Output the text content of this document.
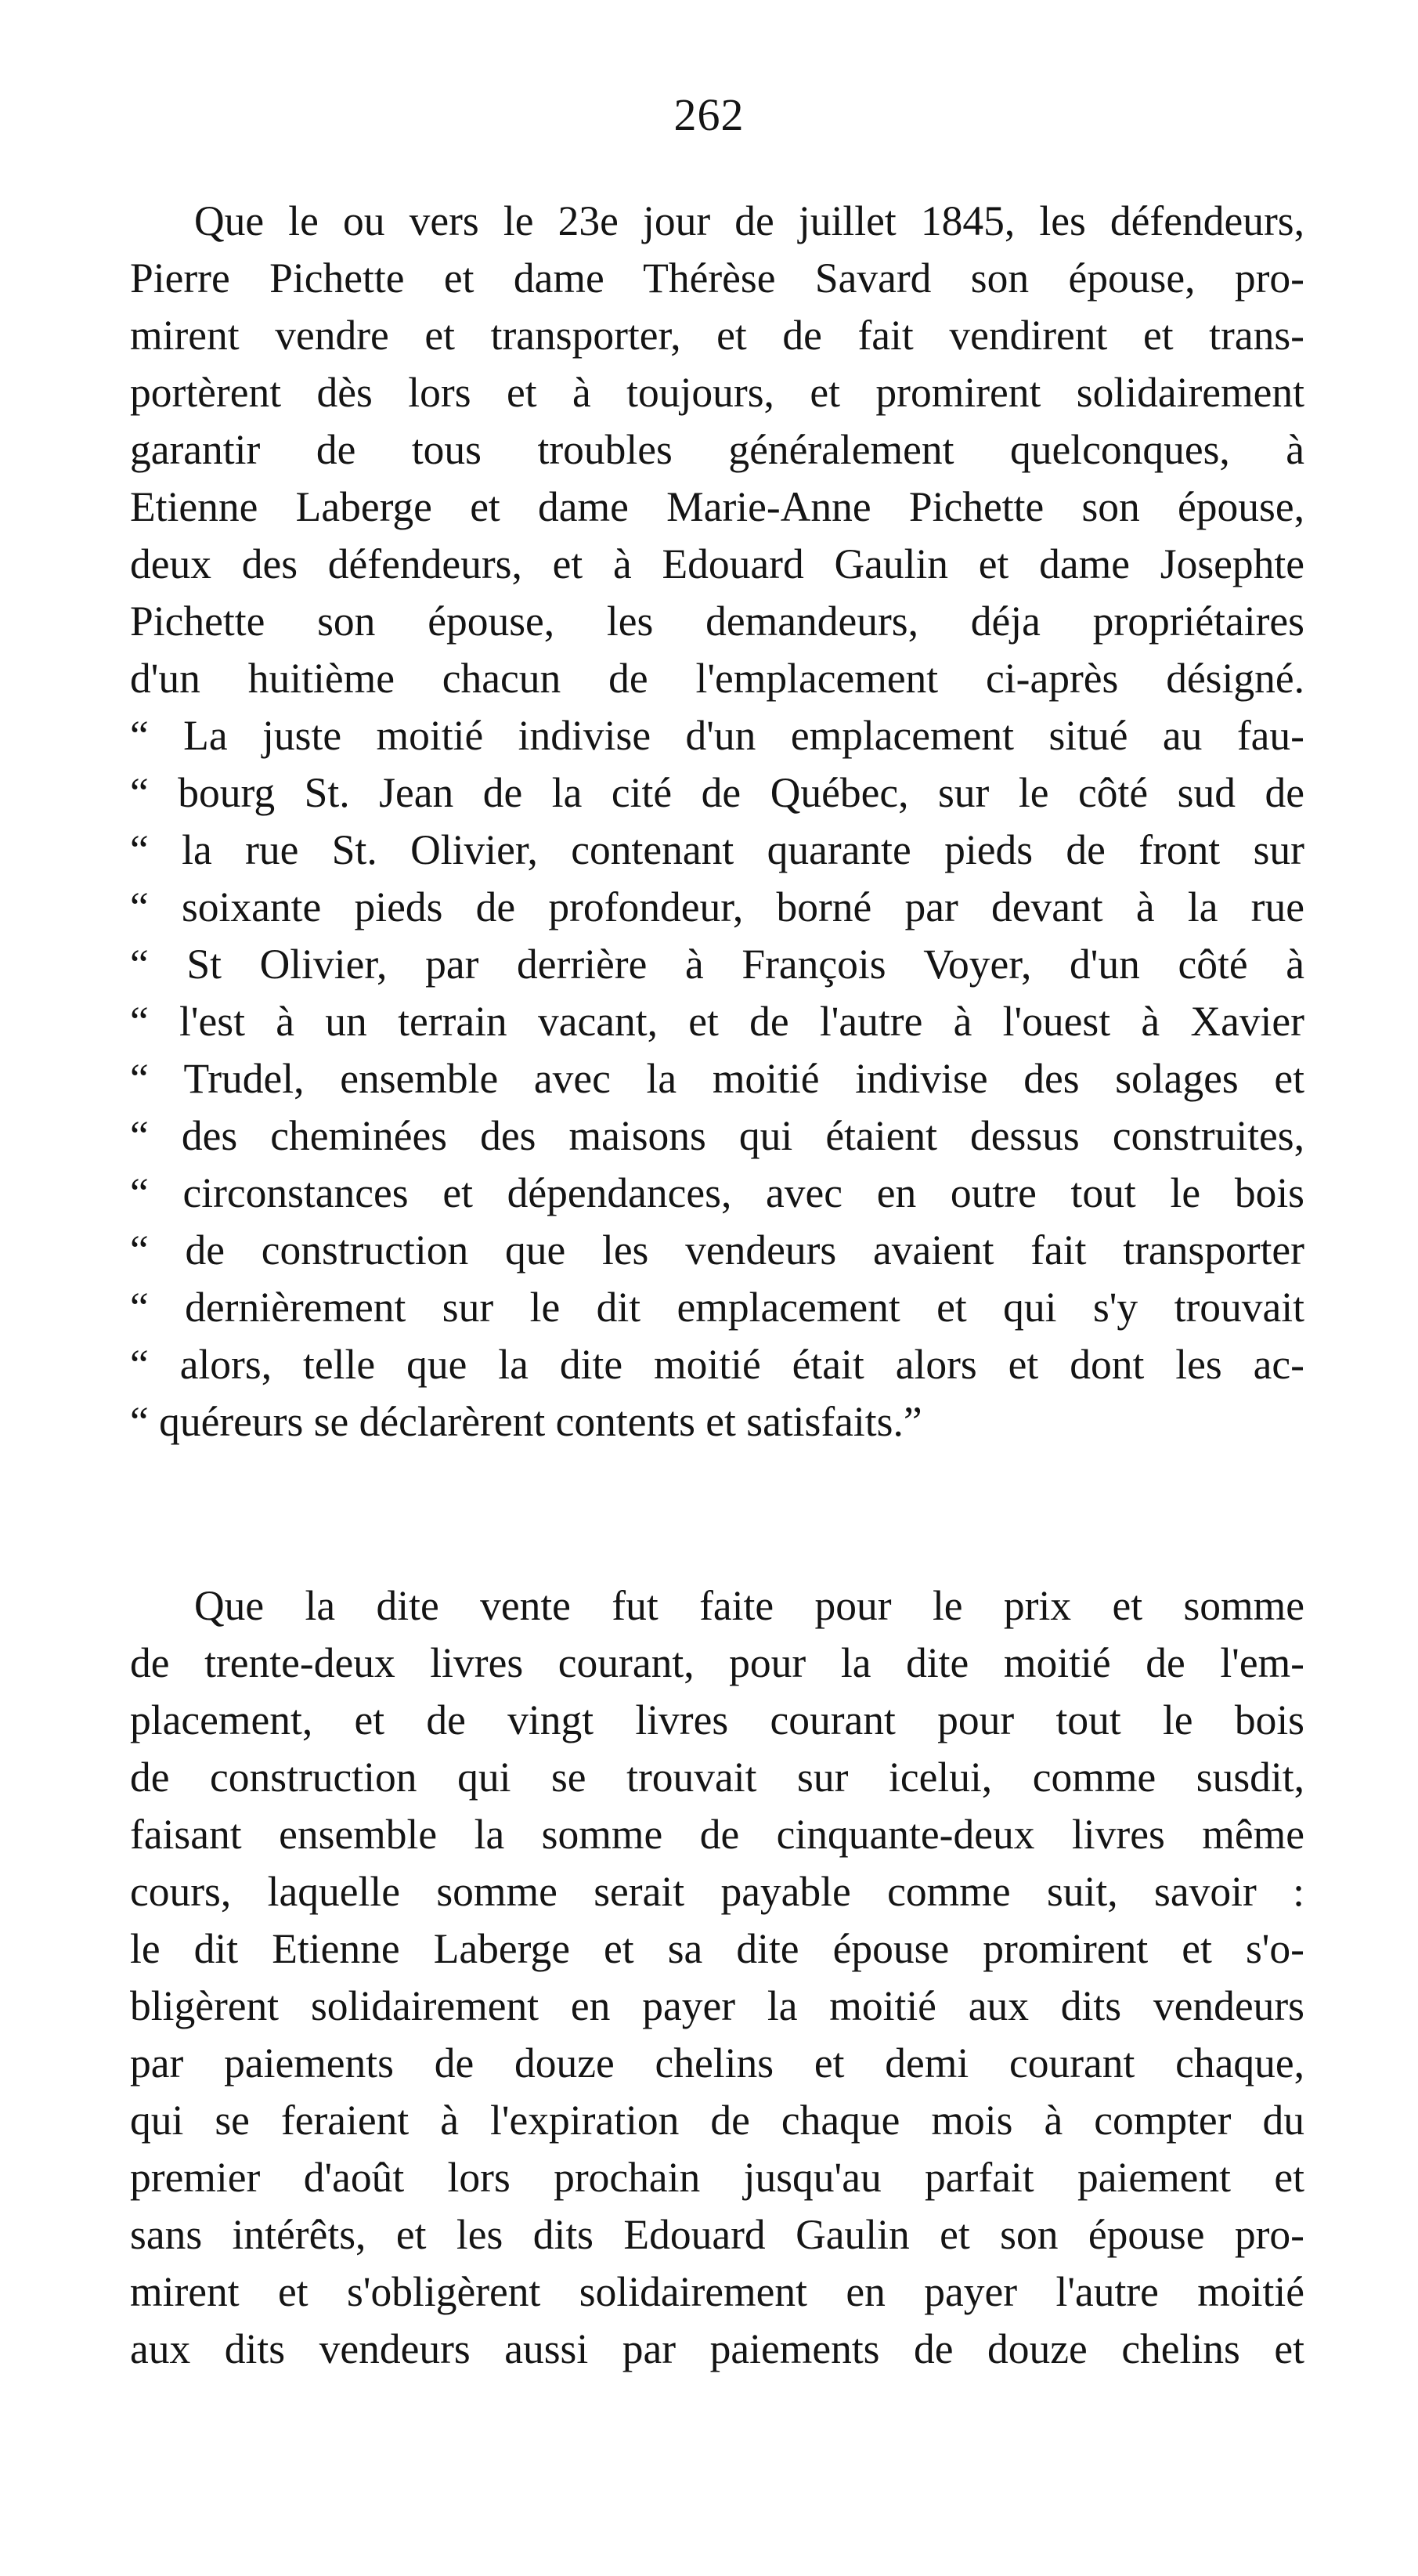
262
Que le ou vers le 23e jour de juillet 1845, les défendeurs,
Pierre Pichette et dame Thérèse Savard son épouse, pro-
mirent vendre et transporter, et de fait vendirent et trans-
portèrent dès lors et à toujours, et promirent solidairement
garantir de tous troubles généralement quelconques, à
Etienne Laberge et dame Marie-Anne Pichette son épouse,
deux des défendeurs, et à Edouard Gaulin et dame Josephte
Pichette son épouse, les demandeurs, déja propriétaires
d'un huitième chacun de l'emplacement ci-après désigné.
“ La juste moitié indivise d'un emplacement situé au fau-
“ bourg St. Jean de la cité de Québec, sur le côté sud de
“ la rue St. Olivier, contenant quarante pieds de front sur
“ soixante pieds de profondeur, borné par devant à la rue
“ St Olivier, par derrière à François Voyer, d'un côté à
“ l'est à un terrain vacant, et de l'autre à l'ouest à Xavier
“ Trudel, ensemble avec la moitié indivise des solages et
“ des cheminées des maisons qui étaient dessus construites,
“ circonstances et dépendances, avec en outre tout le bois
“ de construction que les vendeurs avaient fait transporter
“ dernièrement sur le dit emplacement et qui s'y trouvait
“ alors, telle que la dite moitié était alors et dont les ac-
“ quéreurs se déclarèrent contents et satisfaits.”
Que la dite vente fut faite pour le prix et somme
de trente-deux livres courant, pour la dite moitié de l'em-
placement, et de vingt livres courant pour tout le bois
de construction qui se trouvait sur icelui, comme susdit,
faisant ensemble la somme de cinquante-deux livres même
cours, laquelle somme serait payable comme suit, savoir :
le dit Etienne Laberge et sa dite épouse promirent et s'o-
bligèrent solidairement en payer la moitié aux dits vendeurs
par paiements de douze chelins et demi courant chaque,
qui se feraient à l'expiration de chaque mois à compter du
premier d'août lors prochain jusqu'au parfait paiement et
sans intérêts, et les dits Edouard Gaulin et son épouse pro-
mirent et s'obligèrent solidairement en payer l'autre moitié
aux dits vendeurs aussi par paiements de douze chelins et
